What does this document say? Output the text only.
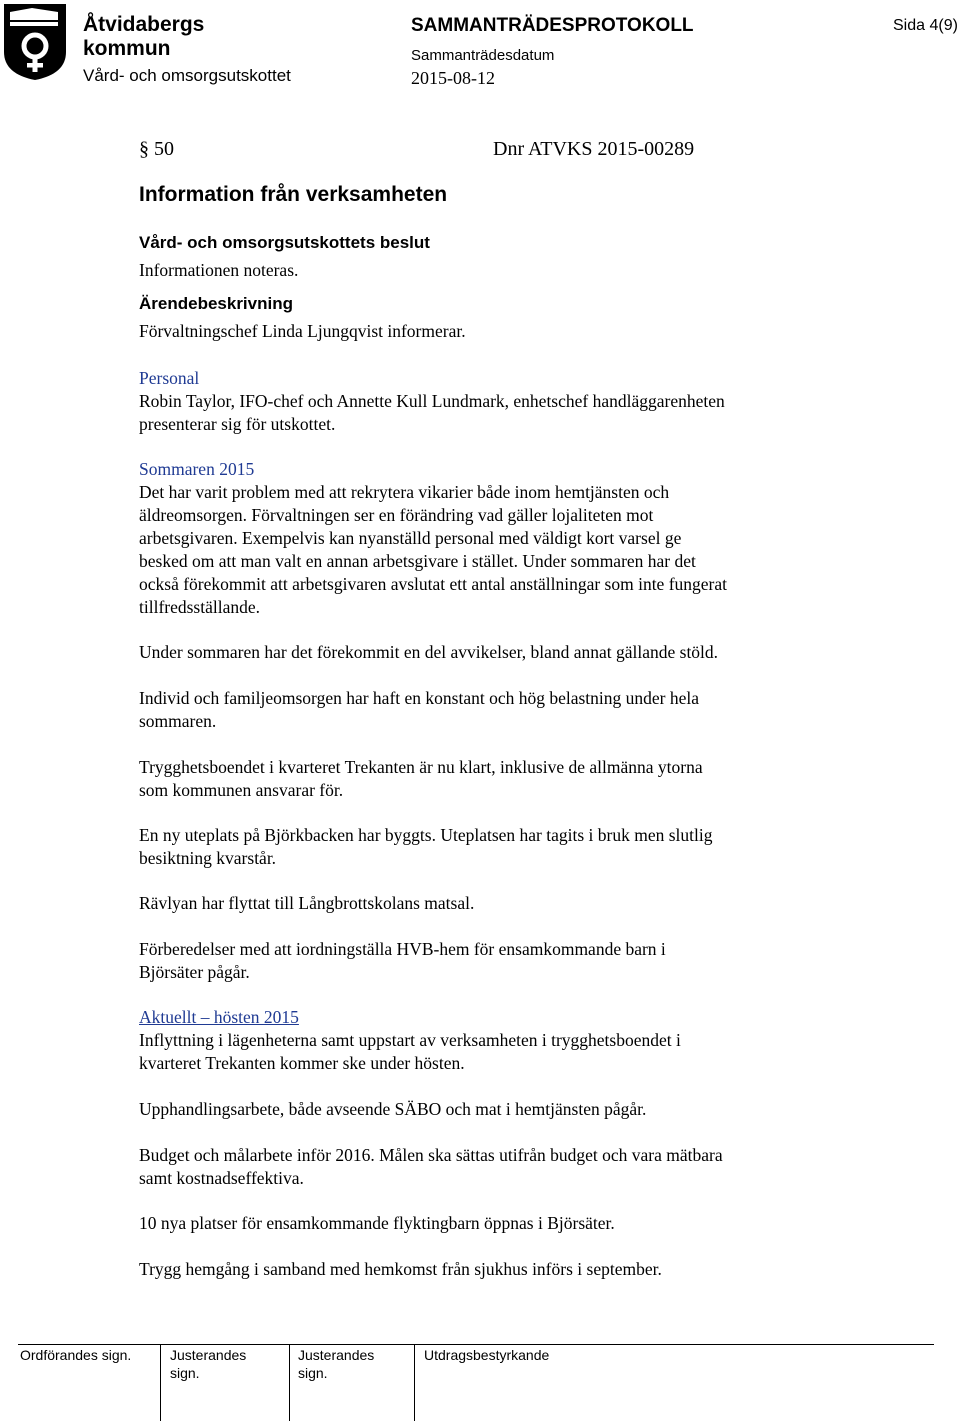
Åtvidabergs
kommun
Vård- och omsorgsutskottet
SAMMANTRÄDESPROTOKOLL
Sammanträdesdatum
2015-08-12
Sida 4(9)
§ 50	Dnr ATVKS 2015-00289
Information från verksamheten

Vård- och omsorgsutskottets beslut

Informationen noteras.

Ärendebeskrivning

Förvaltningschef Linda Ljungqvist informerar.

Personal

Robin Taylor, IFO-chef och Annette Kull Lundmark, enhetschef handläggarenheten

presenterar sig för utskottet.

Sommaren 2015

Det har varit problem med att rekrytera vikarier både inom hemtjänsten och

äldreomsorgen. Förvaltningen ser en förändring vad gäller lojaliteten mot

arbetsgivaren. Exempelvis kan nyanställd personal med väldigt kort varsel ge

besked om att man valt en annan arbetsgivare i stället. Under sommaren har det

också förekommit att arbetsgivaren avslutat ett antal anställningar som inte fungerat

tillfredsställande.

Under sommaren har det förekommit en del avvikelser, bland annat gällande stöld.

Individ och familjeomsorgen har haft en konstant och hög belastning under hela

sommaren.

Trygghetsboendet i kvarteret Trekanten är nu klart, inklusive de allmänna ytorna

som kommunen ansvarar för.

En ny uteplats på Björkbacken har byggts. Uteplatsen har tagits i bruk men slutlig

besiktning kvarstår.

Rävlyan har flyttat till Långbrottskolans matsal.

Förberedelser med att iordningställa HVB-hem för ensamkommande barn i

Björsäter pågår.

Aktuellt – hösten 2015

Inflyttning i lägenheterna samt uppstart av verksamheten i trygghetsboendet i

kvarteret Trekanten kommer ske under hösten.

Upphandlingsarbete, både avseende SÄBO och mat i hemtjänsten pågår.

Budget och målarbete inför 2016. Målen ska sättas utifrån budget och vara mätbara

samt kostnadseffektiva.

10 nya platser för ensamkommande flyktingbarn öppnas i Björsäter.

Trygg hemgång i samband med hemkomst från sjukhus införs i september.

Ordförandes sign.	Justerandes
sign.
Justerandes
sign.
Utdragsbestyrkande
